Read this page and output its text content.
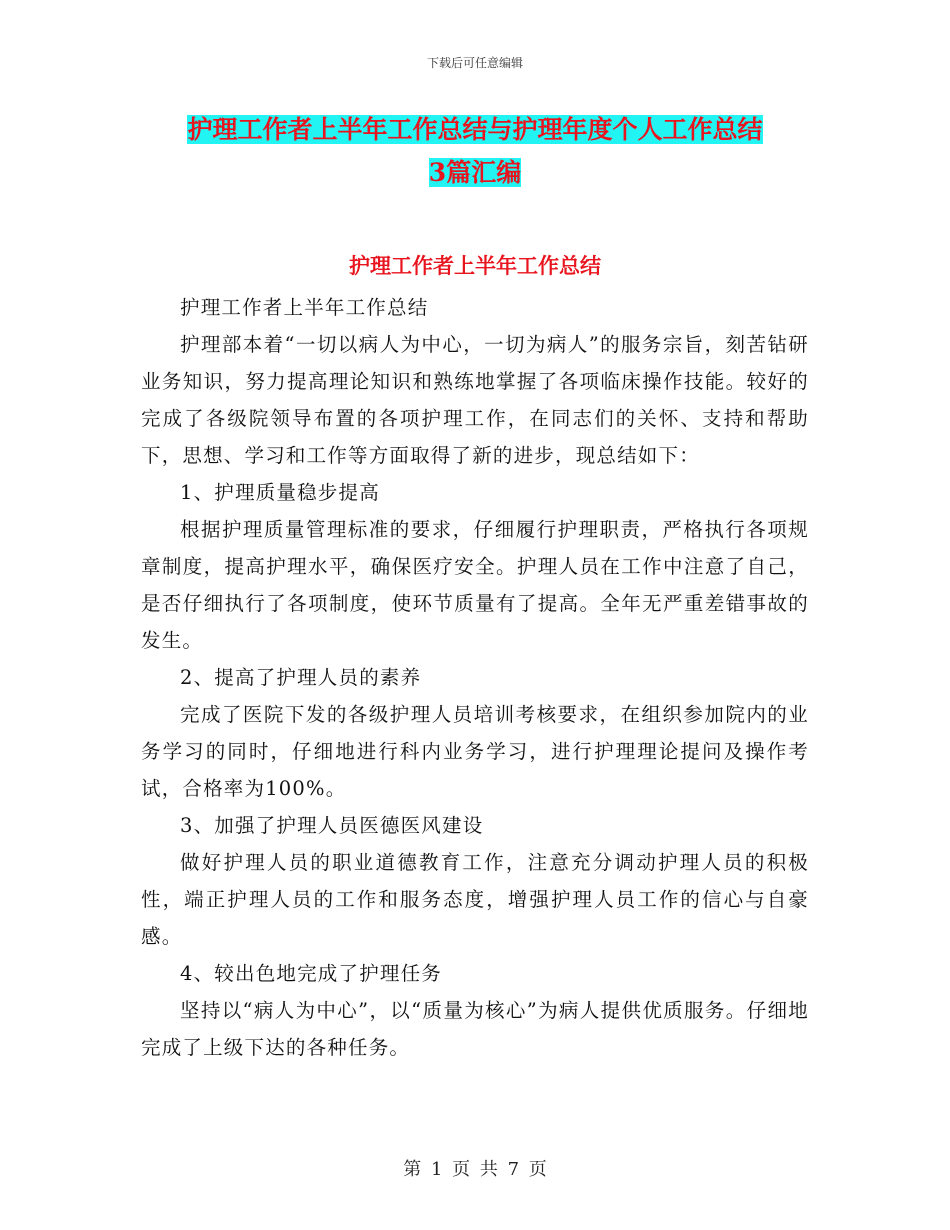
下载后可任意编辑
护理工作者上半年工作总结与护理年度个人工作总结
3篇汇编
护理工作者上半年工作总结

护理工作者上半年工作总结

护理部本着“一切以病人为中心，一切为病人”的服务宗旨，刻苦钻研业务知识，努力提高理论知识和熟练地掌握了各项临床操作技能。较好的完成了各级院领导布置的各项护理工作，在同志们的关怀、支持和帮助下，思想、学习和工作等方面取得了新的进步，现总结如下：

1、护理质量稳步提高

根据护理质量管理标准的要求，仔细履行护理职责，严格执行各项规章制度，提高护理水平，确保医疗安全。护理人员在工作中注意了自己，是否仔细执行了各项制度，使环节质量有了提高。全年无严重差错事故的发生。

2、提高了护理人员的素养

完成了医院下发的各级护理人员培训考核要求，在组织参加院内的业务学习的同时，仔细地进行科内业务学习，进行护理理论提问及操作考试，合格率为100%。

3、加强了护理人员医德医风建设

做好护理人员的职业道德教育工作，注意充分调动护理人员的积极性，端正护理人员的工作和服务态度，增强护理人员工作的信心与自豪感。

4、较出色地完成了护理任务

坚持以“病人为中心”，以“质量为核心”为病人提供优质服务。仔细地完成了上级下达的各种任务。

第 1 页 共 7 页
